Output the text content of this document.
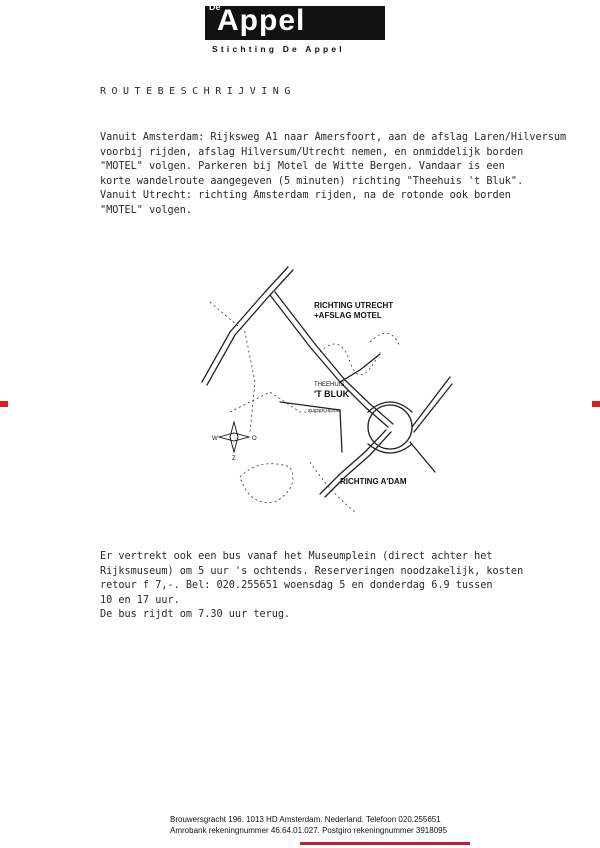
Appel
De
Stichting De Appel
ROUTEBESCHRIJVING
Vanuit Amsterdam: Rijksweg A1 naar Amersfoort, aan de afslag Laren/Hilversum
voorbij rijden, afslag Hilversum/Utrecht nemen, en onmiddelijk borden
"MOTEL" volgen. Parkeren bij Motel de Witte Bergen. Vandaar is een
korte wandelroute aangegeven (5 minuten) richting "Theehuis 't Bluk".
Vanuit Utrecht: richting Amsterdam rijden, na de rotonde ook borden
"MOTEL" volgen.
W	O
Z
RICHTING UTRECHT
+AFSLAG MOTEL
THEEHUIS
'T BLUK
ZUIDER HEIDE
RICHTING A'DAM
Er vertrekt ook een bus vanaf het Museumplein (direct achter het
Rijksmuseum) om 5 uur 's ochtends. Reserveringen noodzakelijk, kosten
retour f 7,-. Bel: 020.255651 woensdag 5 en donderdag 6.9 tussen
10 en 17 uur.
De bus rijdt om 7.30 uur terug.
Brouwersgracht 196. 1013 HD Amsterdam. Nederland. Telefoon 020.255651
Amrobank rekeningnummer 46.64.01.027. Postgiro rekeningnummer 3918095
